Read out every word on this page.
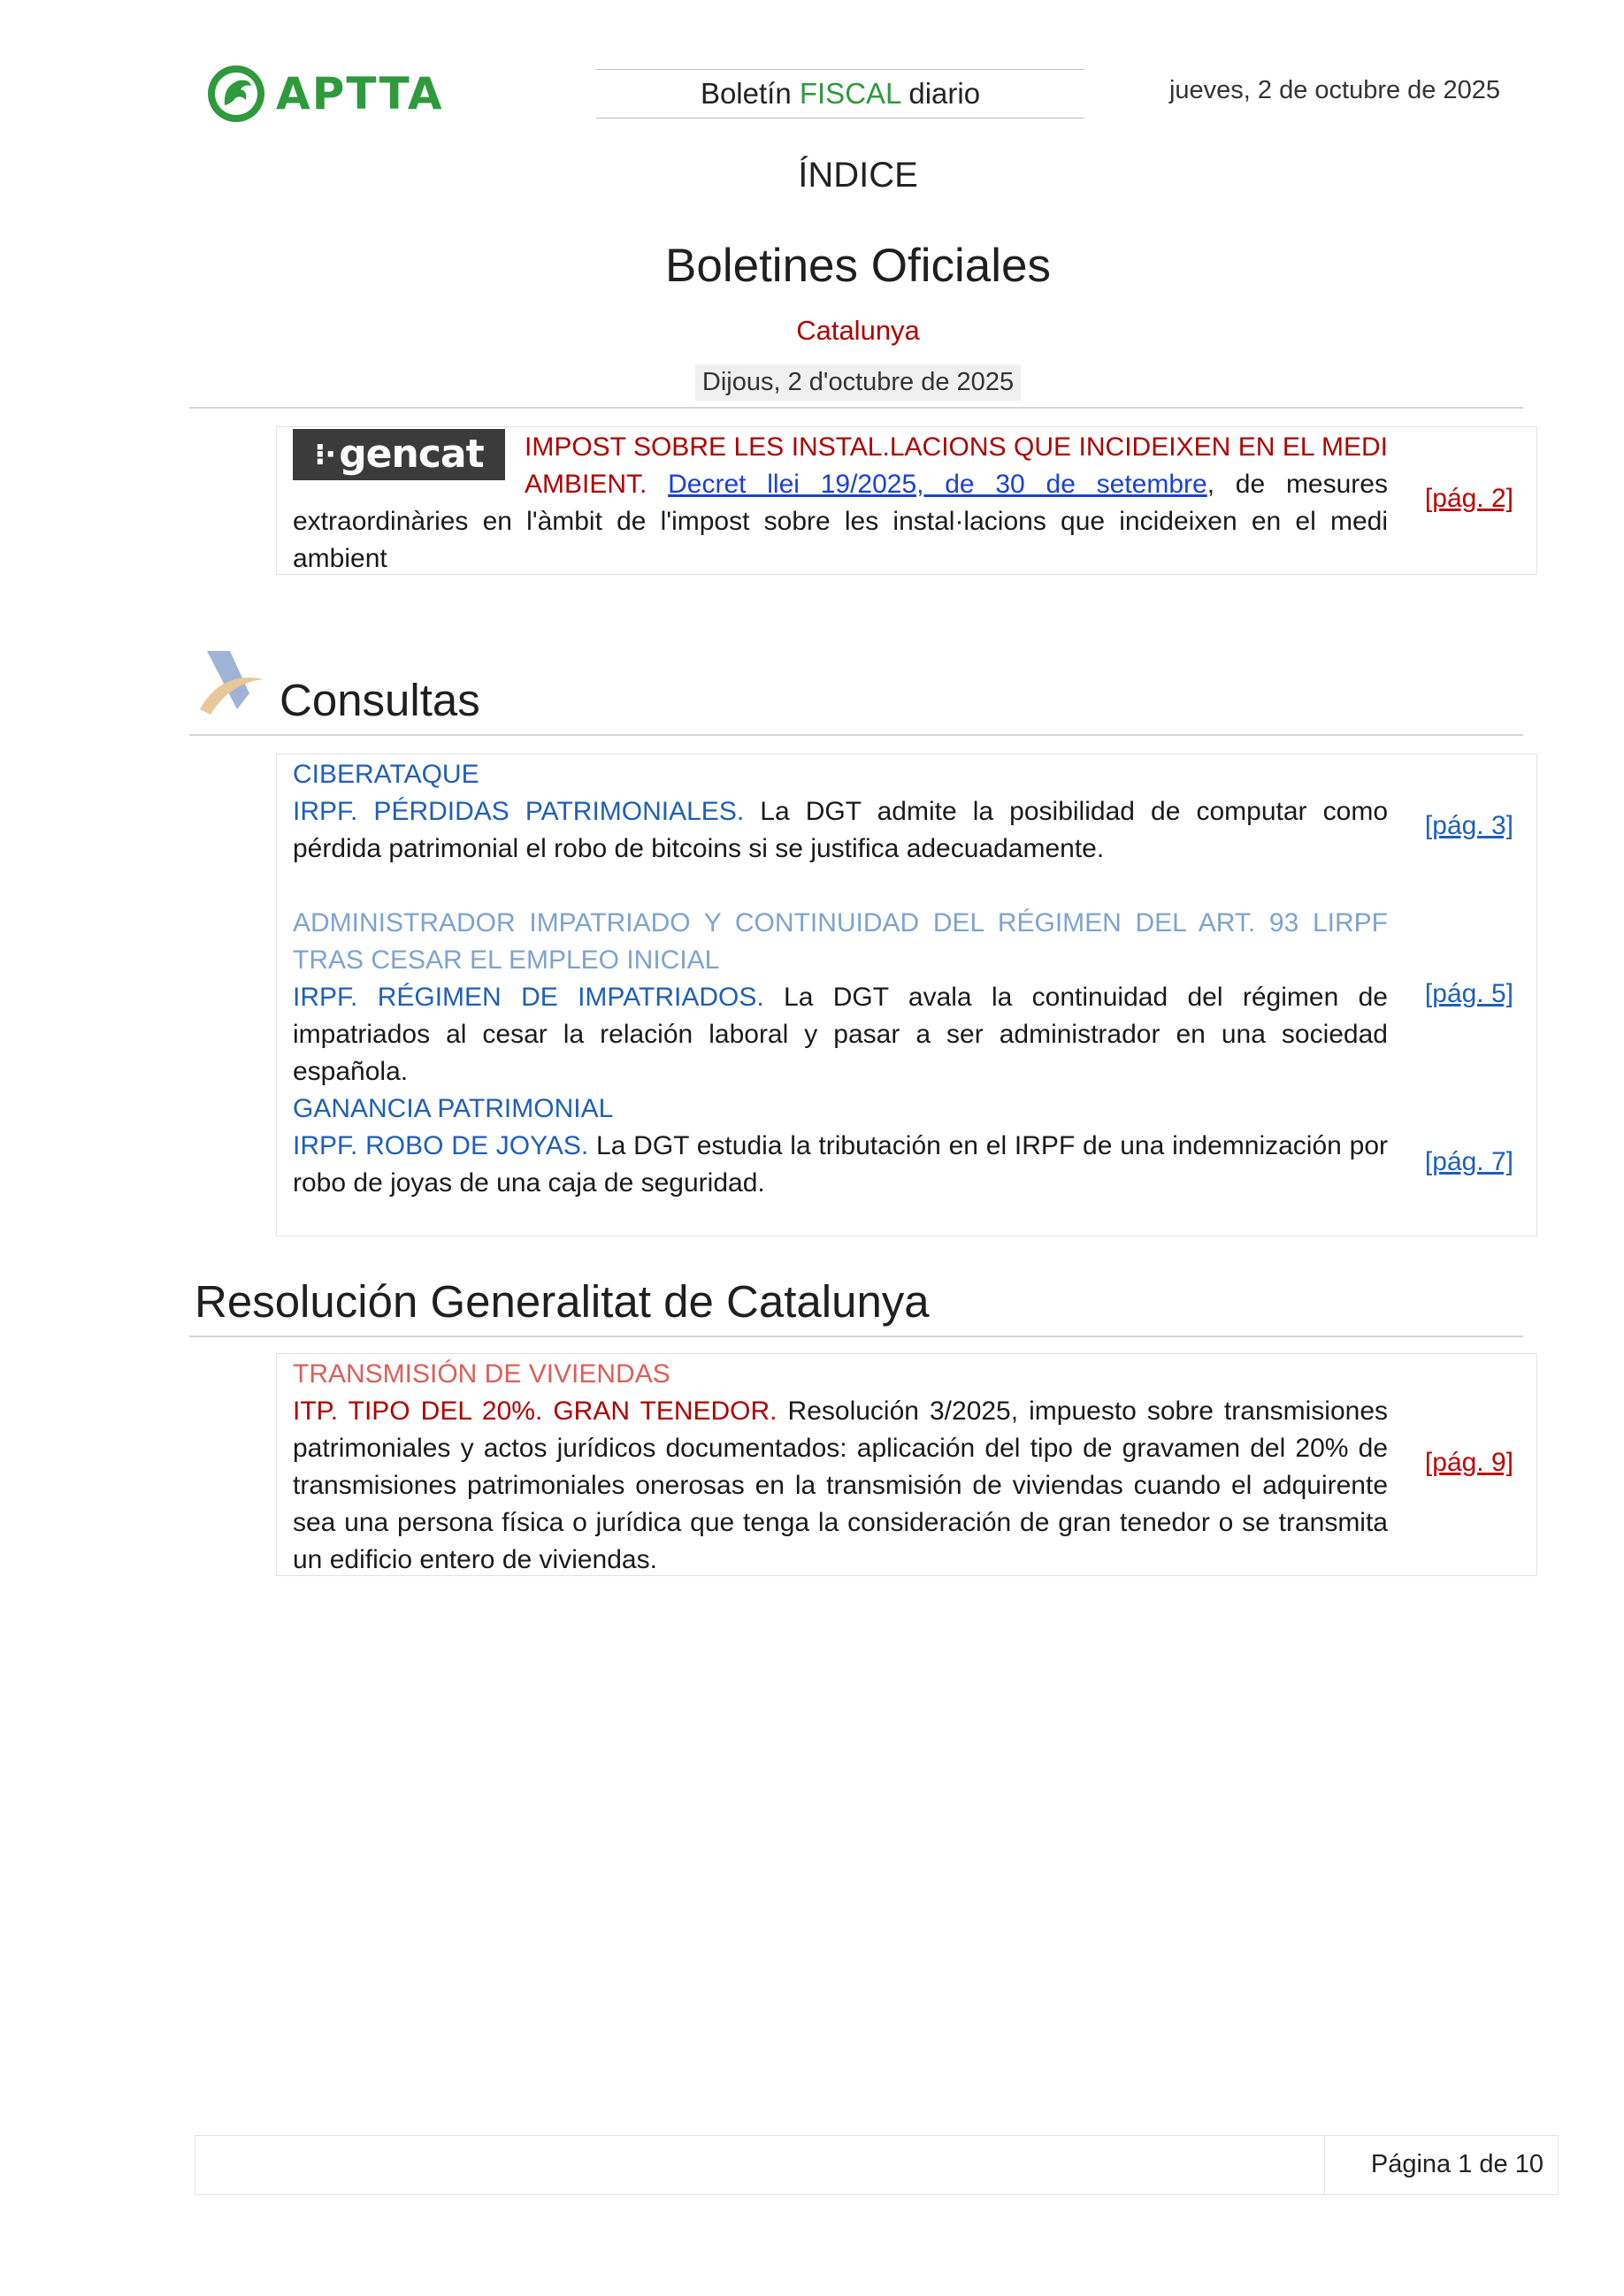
APTTA	Boletín FISCAL diario	jueves, 2 de octubre de 2025
ÍNDICE
Boletines Oficiales
Catalunya
Dijous, 2 d'octubre de 2025
⁝· gencat IMPOST SOBRE LES INSTAL.LACIONS QUE INCIDEIXEN EN EL MEDI AMBIENT. Decret llei 19/2025, de 30 de setembre, de mesures extraordinàries en l'àmbit de l'impost sobre les instal·lacions que incideixen en el medi ambient
[pág. 2]
Consultas
CIBERATAQUE
IRPF. PÉRDIDAS PATRIMONIALES. La DGT admite la posibilidad de computar como pérdida patrimonial el robo de bitcoins si se justifica adecuadamente.
[pág. 3]
ADMINISTRADOR IMPATRIADO Y CONTINUIDAD DEL RÉGIMEN DEL ART. 93 LIRPF TRAS CESAR EL EMPLEO INICIAL
IRPF. RÉGIMEN DE IMPATRIADOS. La DGT avala la continuidad del régimen de impatriados al cesar la relación laboral y pasar a ser administrador en una sociedad española.
[pág. 5]
GANANCIA PATRIMONIAL
IRPF. ROBO DE JOYAS. La DGT estudia la tributación en el IRPF de una indemnización por robo de joyas de una caja de seguridad.
[pág. 7]
Resolución Generalitat de Catalunya
TRANSMISIÓN DE VIVIENDAS
ITP. TIPO DEL 20%. GRAN TENEDOR. Resolución 3/2025, impuesto sobre transmisiones patrimoniales y actos jurídicos documentados: aplicación del tipo de gravamen del 20% de transmisiones patrimoniales onerosas en la transmisión de viviendas cuando el adquirente sea una persona física o jurídica que tenga la consideración de gran tenedor o se transmita un edificio entero de viviendas.
[pág. 9]
Página 1 de 10
